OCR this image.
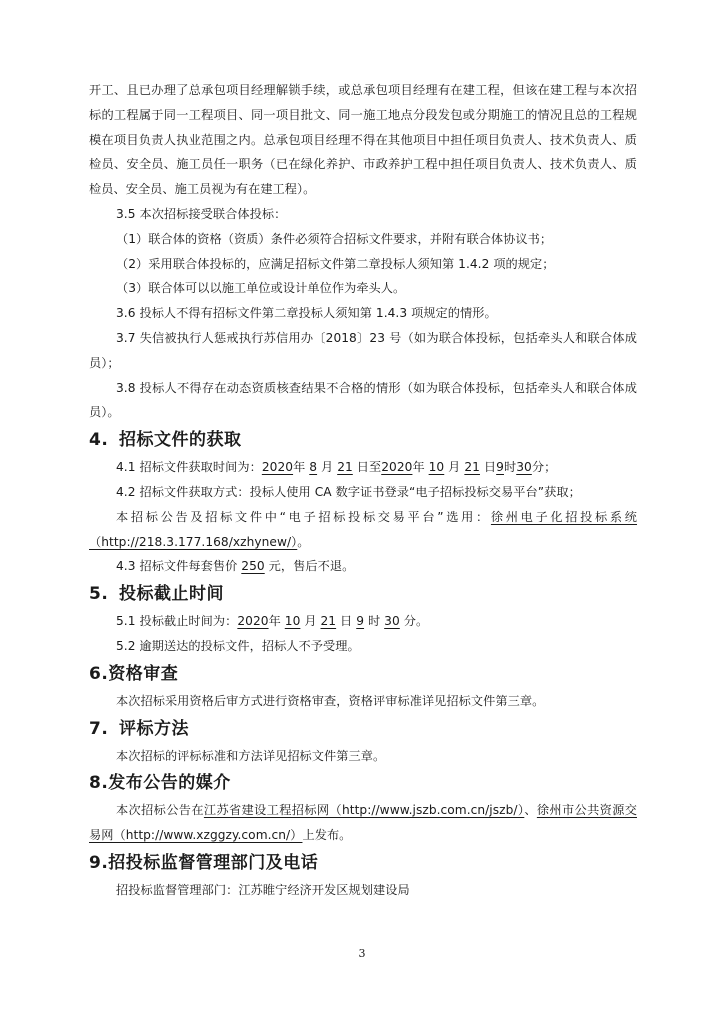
开工、且已办理了总承包项目经理解锁手续，或总承包项目经理有在建工程，但该在建工程与本次招标的工程属于同一工程项目、同一项目批文、同一施工地点分段发包或分期施工的情况且总的工程规模在项目负责人执业范围之内。总承包项目经理不得在其他项目中担任项目负责人、技术负责人、质检员、安全员、施工员任一职务（已在绿化养护、市政养护工程中担任项目负责人、技术负责人、质检员、安全员、施工员视为有在建工程）。

3.5 本次招标接受联合体投标：

（1）联合体的资格（资质）条件必须符合招标文件要求，并附有联合体协议书；

（2）采用联合体投标的，应满足招标文件第二章投标人须知第 1.4.2 项的规定；

（3）联合体可以以施工单位或设计单位作为牵头人。

3.6 投标人不得有招标文件第二章投标人须知第 1.4.3 项规定的情形。

3.7 失信被执行人惩戒执行苏信用办〔2018〕23 号（如为联合体投标，包括牵头人和联合体成员）；

3.8 投标人不得存在动态资质核查结果不合格的情形（如为联合体投标，包括牵头人和联合体成员）。

4. 招标文件的获取

4.1 招标文件获取时间为：2020年 8 月 21 日至2020年 10 月 21 日9时30分；

4.2 招标文件获取方式：投标人使用 CA 数字证书登录“电子招标投标交易平台”获取；

本招标公告及招标文件中“电子招标投标交易平台”选用：徐州电子化招投标系统（http://218.3.177.168/xzhynew/）。

4.3 招标文件每套售价 250 元，售后不退。

5. 投标截止时间

5.1 投标截止时间为：2020年 10 月 21 日 9 时 30 分。

5.2 逾期送达的投标文件，招标人不予受理。

6.资格审查

本次招标采用资格后审方式进行资格审查，资格评审标准详见招标文件第三章。

7. 评标方法

本次招标的评标标准和方法详见招标文件第三章。

8.发布公告的媒介

本次招标公告在江苏省建设工程招标网（http://www.jszb.com.cn/jszb/）、徐州市公共资源交易网（http://www.xzggzy.com.cn/）上发布。

9.招投标监督管理部门及电话

招投标监督管理部门：江苏睢宁经济开发区规划建设局

3
